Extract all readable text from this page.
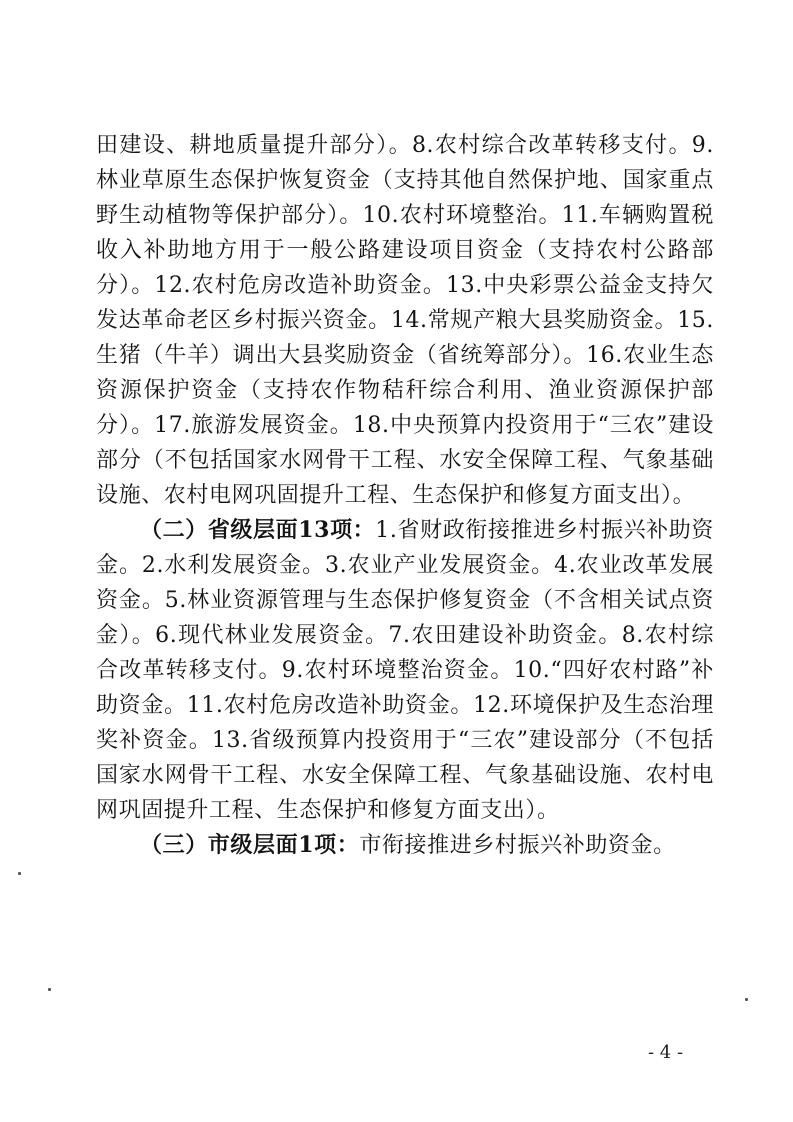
田建设、耕地质量提升部分）。8.农村综合改革转移支付。9.林业草原生态保护恢复资金（支持其他自然保护地、国家重点野生动植物等保护部分）。10.农村环境整治。11.车辆购置税收入补助地方用于一般公路建设项目资金（支持农村公路部分）。12.农村危房改造补助资金。13.中央彩票公益金支持欠发达革命老区乡村振兴资金。14.常规产粮大县奖励资金。15.生猪（牛羊）调出大县奖励资金（省统筹部分）。16.农业生态资源保护资金（支持农作物秸秆综合利用、渔业资源保护部分）。17.旅游发展资金。18.中央预算内投资用于“三农”建设部分（不包括国家水网骨干工程、水安全保障工程、气象基础设施、农村电网巩固提升工程、生态保护和修复方面支出）。

（二）省级层面13项：1.省财政衔接推进乡村振兴补助资金。2.水利发展资金。3.农业产业发展资金。4.农业改革发展资金。5.林业资源管理与生态保护修复资金（不含相关试点资金）。6.现代林业发展资金。7.农田建设补助资金。8.农村综合改革转移支付。9.农村环境整治资金。10.“四好农村路”补助资金。11.农村危房改造补助资金。12.环境保护及生态治理奖补资金。13.省级预算内投资用于“三农”建设部分（不包括国家水网骨干工程、水安全保障工程、气象基础设施、农村电网巩固提升工程、生态保护和修复方面支出）。

（三）市级层面1项：市衔接推进乡村振兴补助资金。

- 4 -
